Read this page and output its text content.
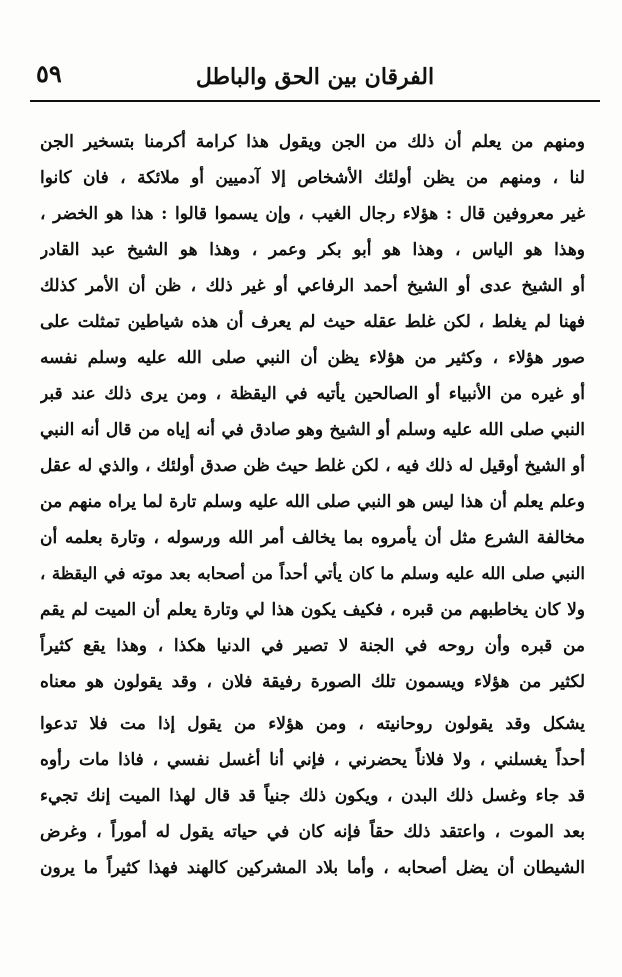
٥٩	الفرقان بين الحق والباطل
ومنهم من يعلم أن ذلك من الجن ويقول هذا كرامة أكرمنا بتسخير الجن
لنا ، ومنهم من يظن أولئك الأشخاص إلا آدميين أو ملائكة ، فان كانوا
غير معروفين قال : هؤلاء رجال الغيب ، وإن يسموا قالوا : هذا هو الخضر ،
وهذا هو الياس ، وهذا هو أبو بكر وعمر ، وهذا هو الشيخ عبد القادر
أو الشيخ عدى أو الشيخ أحمد الرفاعي أو غير ذلك ، ظن أن الأمر كذلك
فهنا لم يغلط ، لكن غلط عقله حيث لم يعرف أن هذه شياطين تمثلت على
صور هؤلاء ، وكثير من هؤلاء يظن أن النبي صلى الله عليه وسلم نفسه
أو غيره من الأنبياء أو الصالحين يأتيه في اليقظة ، ومن يرى ذلك عند قبر
النبي صلى الله عليه وسلم أو الشيخ وهو صادق في أنه إياه من قال أنه النبي
أو الشيخ أوقيل له ذلك فيه ، لكن غلط حيث ظن صدق أولئك ، والذي له عقل
وعلم يعلم أن هذا ليس هو النبي صلى الله عليه وسلم تارة لما يراه منهم من
مخالفة الشرع مثل أن يأمروه بما يخالف أمر الله ورسوله ، وتارة بعلمه أن
النبي صلى الله عليه وسلم ما كان يأتي أحداً من أصحابه بعد موته في اليقظة ،
ولا كان يخاطبهم من قبره ، فكيف يكون هذا لي وتارة يعلم أن الميت لم يقم
من قبره وأن روحه في الجنة لا تصير في الدنيا هكذا ، وهذا يقع كثيراً
لكثير من هؤلاء ويسمون تلك الصورة رفيقة فلان ، وقد يقولون هو معناه
يشكل وقد يقولون روحانيته ، ومن هؤلاء من يقول إذا مت فلا تدعوا
أحداً يغسلني ، ولا فلاناً يحضرني ، فإني أنا أغسل نفسي ، فاذا مات رأوه
قد جاء وغسل ذلك البدن ، ويكون ذلك جنياً قد قال لهذا الميت إنك تجيء
بعد الموت ، واعتقد ذلك حقاً فإنه كان في حياته يقول له أموراً ، وغرض
الشيطان أن يضل أصحابه ، وأما بلاد المشركين كالهند فهذا كثيراً ما يرون
